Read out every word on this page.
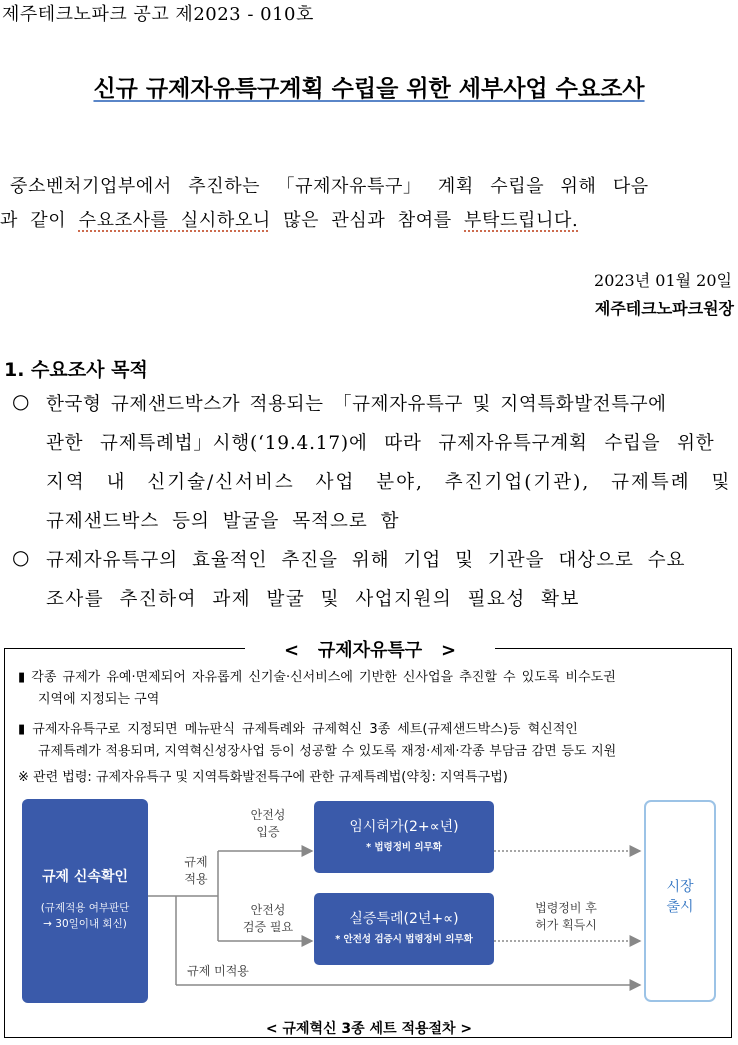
제주테크노파크 공고 제2023 - 010호
신규 규제자유특구계획 수립을 위한 세부사업 수요조사
중소벤처기업부에서 추진하는 「규제자유특구」 계획 수립을 위해 다음
과 같이 수요조사를 실시하오니 많은 관심과 참여를 부탁드립니다.
2023년 01월 20일
제주테크노파크원장
1. 수요조사 목적
○ 한국형 규제샌드박스가 적용되는 「규제자유특구 및 지역특화발전특구에
관한 규제특례법」시행(‘19.4.17)에 따라 규제자유특구계획 수립을 위한
지역 내 신기술/신서비스 사업 분야, 추진기업(기관), 규제특례 및
규제샌드박스 등의 발굴을 목적으로 함
○ 규제자유특구의 효율적인 추진을 위해 기업 및 기관을 대상으로 수요
조사를 추진하여 과제 발굴 및 사업지원의 필요성 확보
<   규제자유특구   >
▮ 각종 규제가 유예·면제되어 자유롭게 신기술·신서비스에 기반한 신사업을 추진할 수 있도록 비수도권
지역에 지정되는 구역
▮ 규제자유특구로 지정되면 메뉴판식 규제특례와 규제혁신 3종 세트(규제샌드박스)등 혁신적인
규제특례가 적용되며, 지역혁신성장사업 등이 성공할 수 있도록 재정·세제·각종 부담금 감면 등도 지원
※ 관련 법령: 규제자유특구 및 지역특화발전특구에 관한 규제특례법(약칭: 지역특구법)
규제 신속확인
(규제적용 여부판단
→ 30일이내 회신)
규제
적용
안전성
입증
안전성
검증 필요
임시허가(2+∝년)
* 법령정비 의무화
실증특례(2년+∝)
* 안전성 검증시 법령정비 의무화
법령정비 후
허가 획득시
규제 미적용
시장
출시
< 규제혁신 3종 세트 적용절차 >
